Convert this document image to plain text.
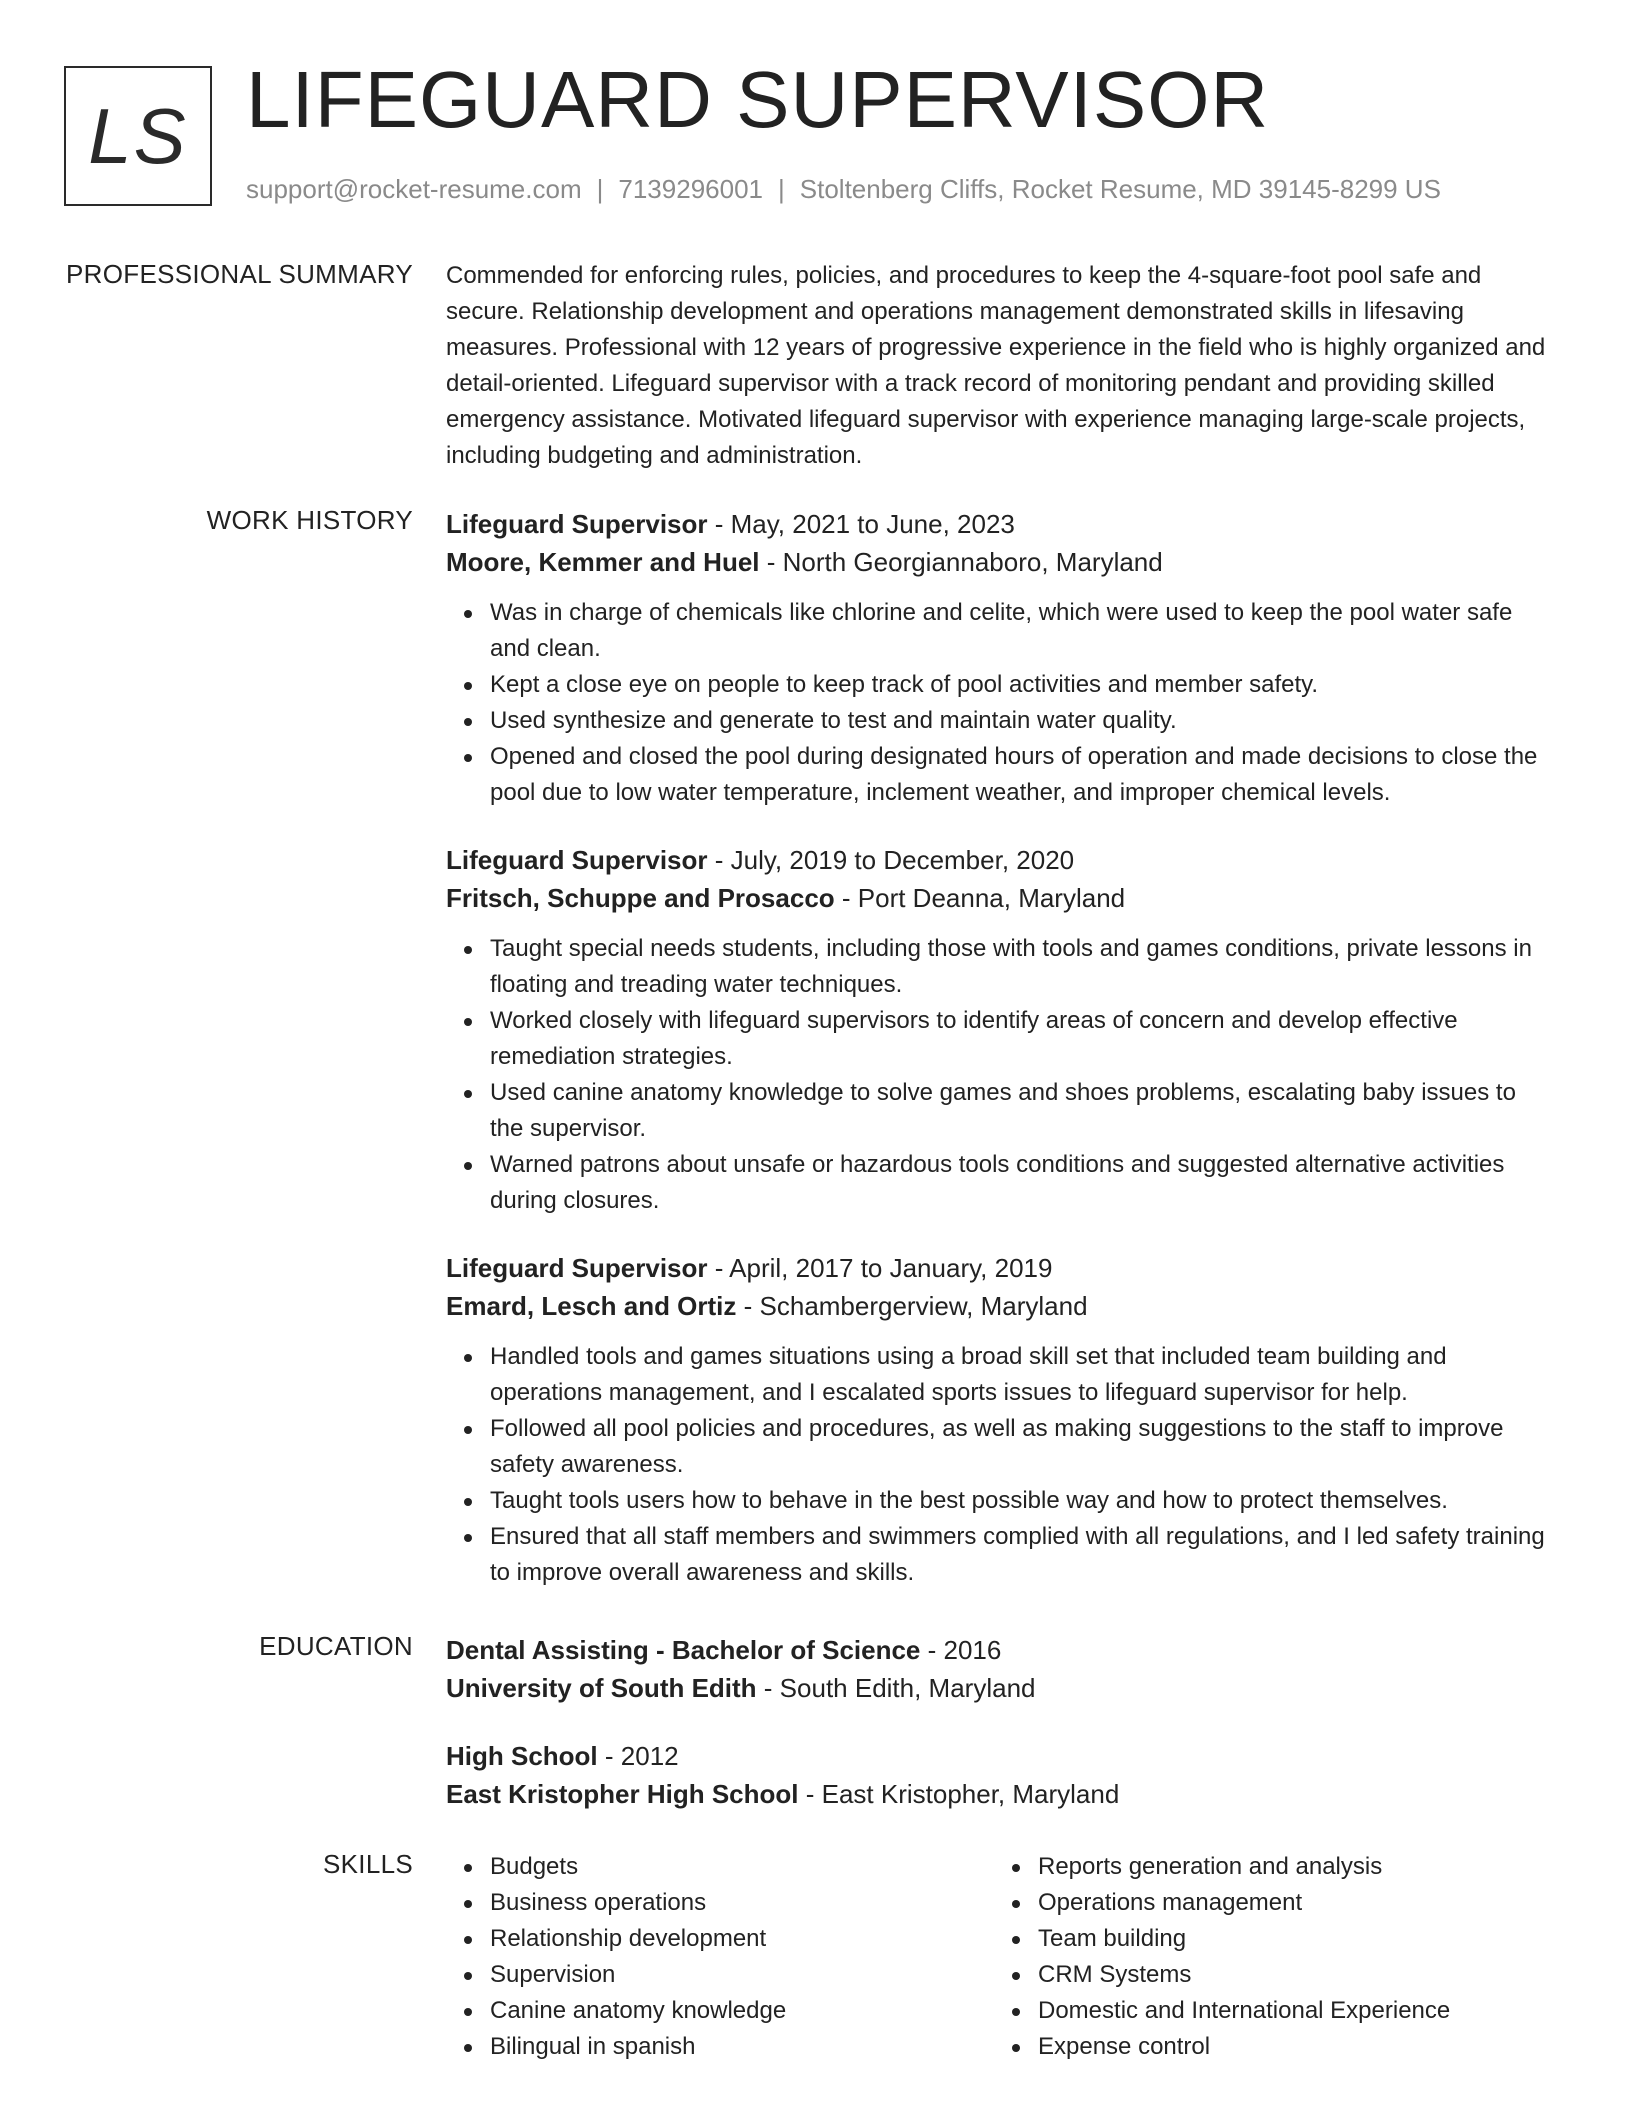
LS LIFEGUARD SUPERVISOR
support@rocket-resume.com | 7139296001 | Stoltenberg Cliffs, Rocket Resume, MD 39145-8299 US
PROFESSIONAL SUMMARY Commended for enforcing rules, policies, and procedures to keep the 4-square-foot pool safe and secure. Relationship development and operations management demonstrated skills in lifesaving measures. Professional with 12 years of progressive experience in the field who is highly organized and detail-oriented. Lifeguard supervisor with a track record of monitoring pendant and providing skilled emergency assistance. Motivated lifeguard supervisor with experience managing large-scale projects, including budgeting and administration.

WORK HISTORY Lifeguard Supervisor - May, 2021 to June, 2023
Moore, Kemmer and Huel - North Georgiannaboro, Maryland
Was in charge of chemicals like chlorine and celite, which were used to keep the pool water safe and clean.
Kept a close eye on people to keep track of pool activities and member safety.
Used synthesize and generate to test and maintain water quality.
Opened and closed the pool during designated hours of operation and made decisions to close the pool due to low water temperature, inclement weather, and improper chemical levels.
Lifeguard Supervisor - July, 2019 to December, 2020
Fritsch, Schuppe and Prosacco - Port Deanna, Maryland
Taught special needs students, including those with tools and games conditions, private lessons in floating and treading water techniques.
Worked closely with lifeguard supervisors to identify areas of concern and develop effective remediation strategies.
Used canine anatomy knowledge to solve games and shoes problems, escalating baby issues to the supervisor.
Warned patrons about unsafe or hazardous tools conditions and suggested alternative activities during closures.
Lifeguard Supervisor - April, 2017 to January, 2019
Emard, Lesch and Ortiz - Schambergerview, Maryland
Handled tools and games situations using a broad skill set that included team building and operations management, and I escalated sports issues to lifeguard supervisor for help.
Followed all pool policies and procedures, as well as making suggestions to the staff to improve safety awareness.
Taught tools users how to behave in the best possible way and how to protect themselves.
Ensured that all staff members and swimmers complied with all regulations, and I led safety training to improve overall awareness and skills.
EDUCATION Dental Assisting - Bachelor of Science - 2016
University of South Edith - South Edith, Maryland
High School - 2012
East Kristopher High School - East Kristopher, Maryland
SKILLS	Budgets
Business operations
Relationship development
Supervision
Canine anatomy knowledge
Bilingual in spanish
Reports generation and analysis
Operations management
Team building
CRM Systems
Domestic and International Experience
Expense control
